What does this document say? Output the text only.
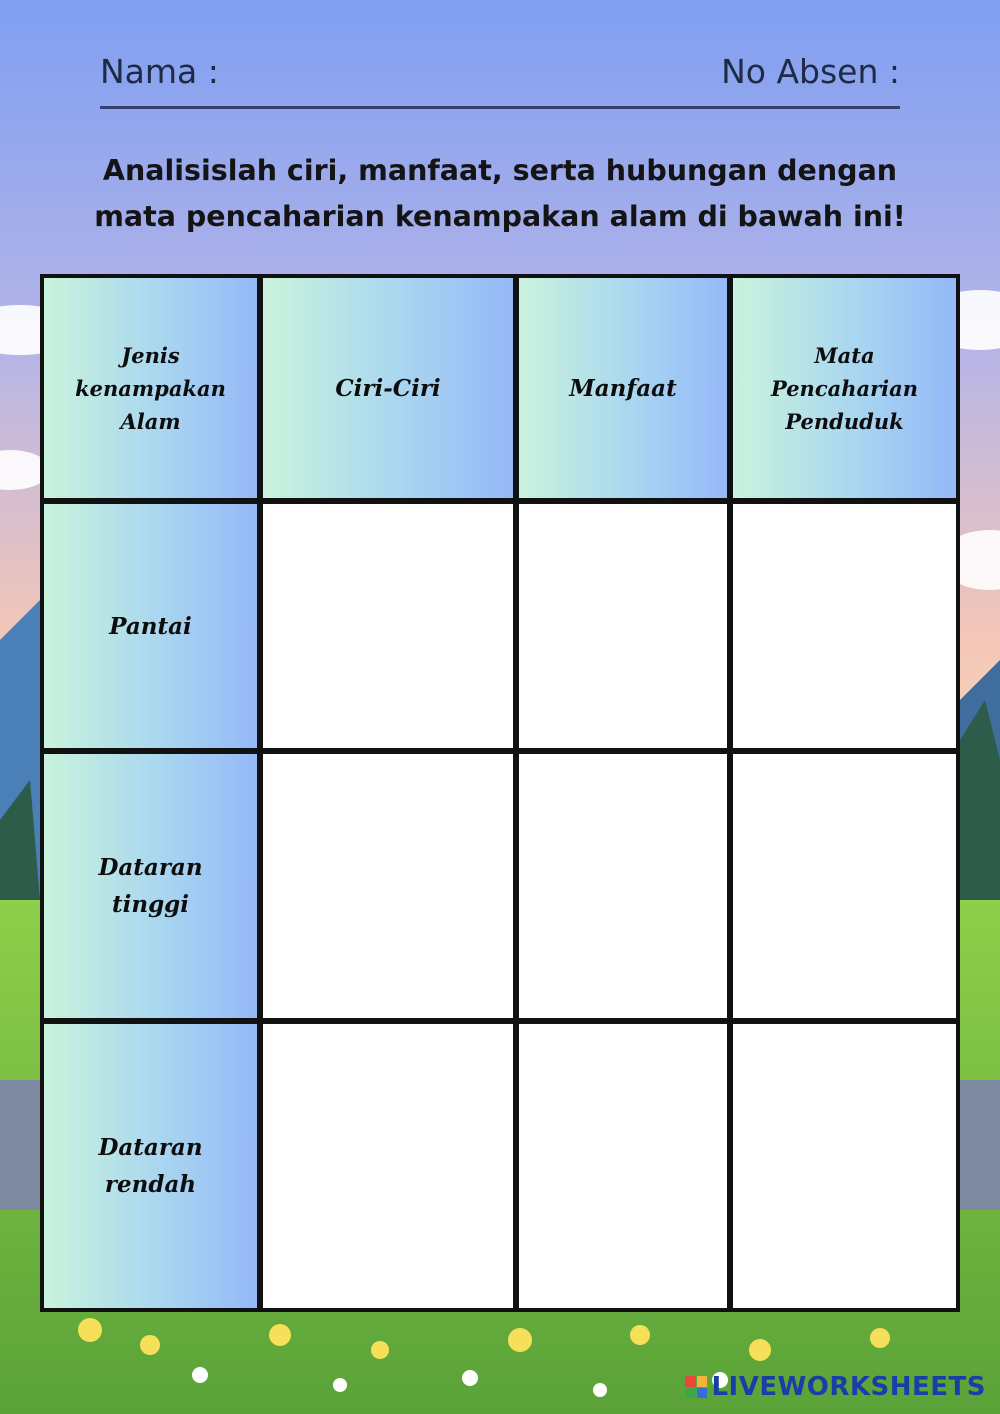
Nama :	No Absen :
Analisislah ciri, manfaat, serta hubungan dengan
mata pencaharian kenampakan alam di bawah ini!
Jenis
kenampakan
Alam
Ciri-Ciri	Manfaat
Mata
Pencaharian
Penduduk
Pantai
Dataran
tinggi
Dataran
rendah
LIVEWORKSHEETS
